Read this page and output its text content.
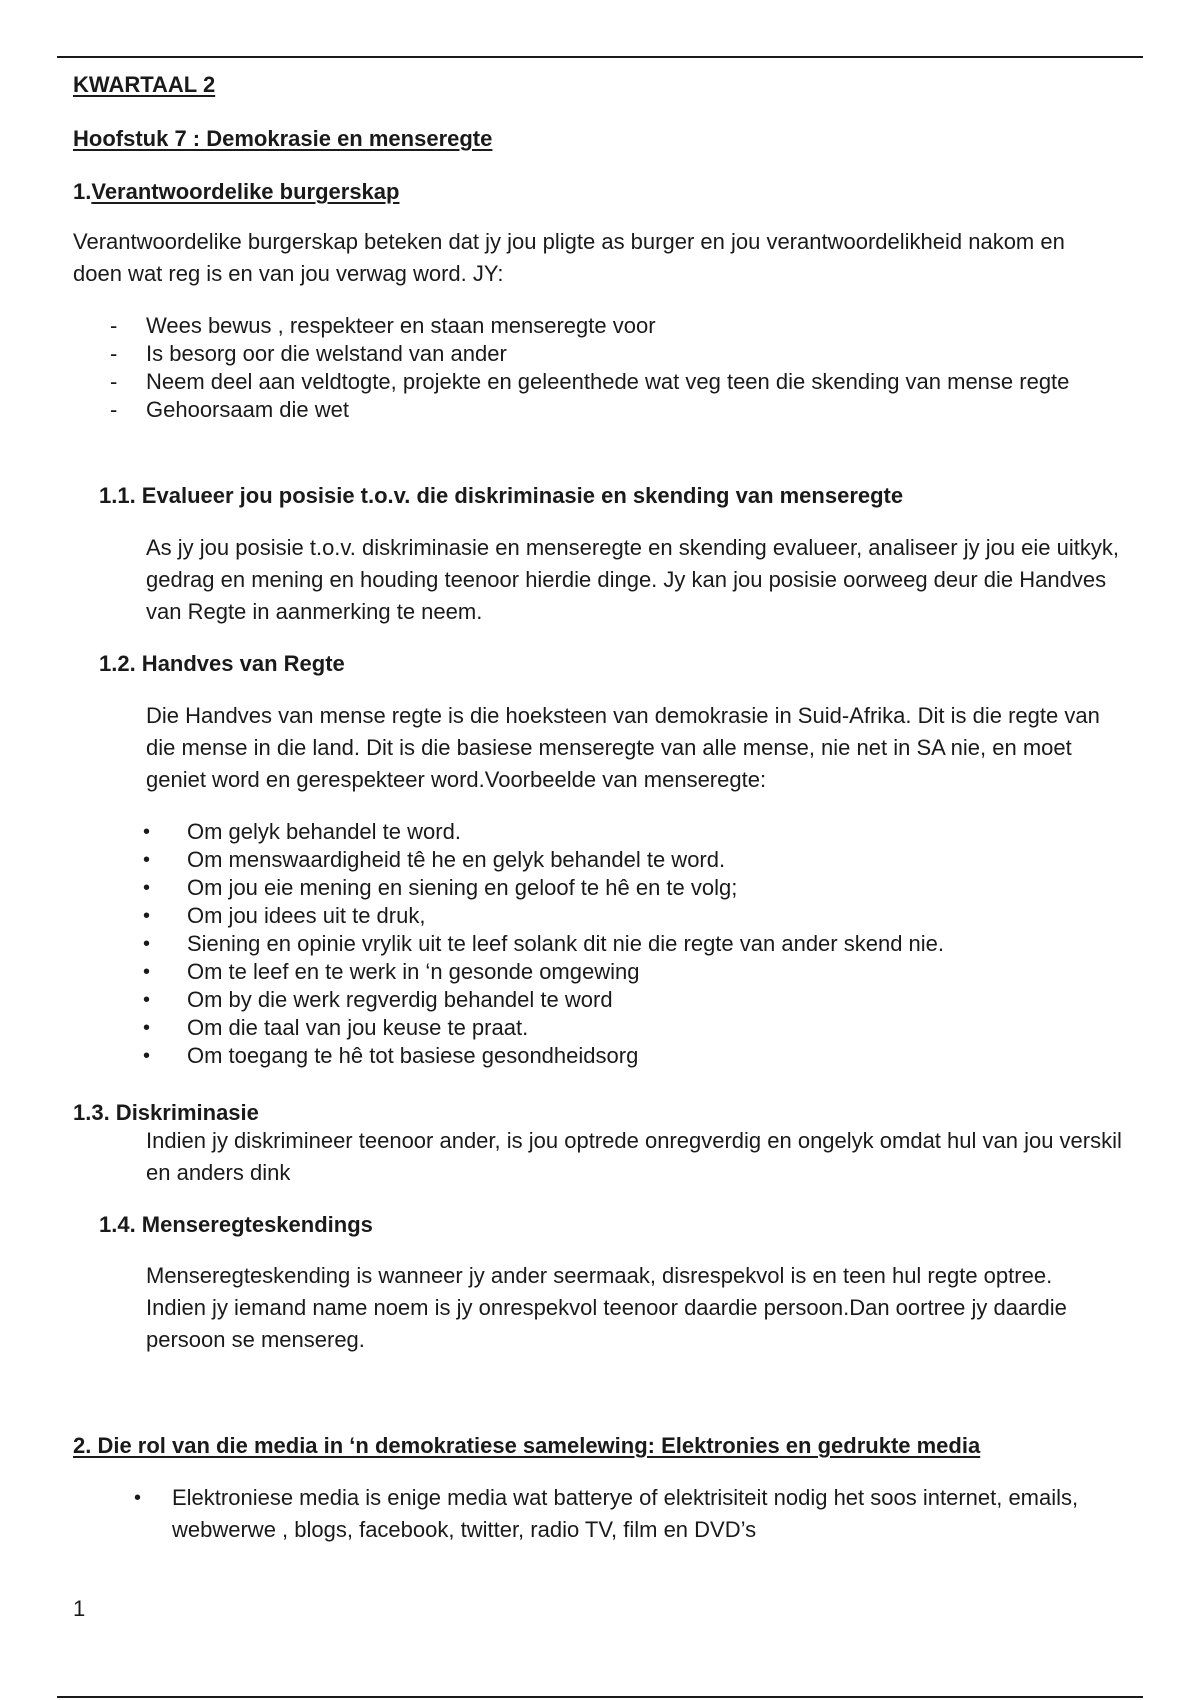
KWARTAAL 2
Hoofstuk 7 : Demokrasie en menseregte
1.Verantwoordelike burgerskap

Verantwoordelike burgerskap beteken dat jy jou pligte as burger en jou verantwoordelikheid nakom en doen wat reg is en van jou verwag word. JY:

- Wees bewus , respekteer en staan menseregte voor
- Is besorg oor die welstand van ander
- Neem deel aan veldtogte, projekte en geleenthede wat veg teen die skending van mense regte
- Gehoorsaam die wet
1.1. Evalueer jou posisie t.o.v. die diskriminasie en skending van menseregte

As jy jou posisie t.o.v. diskriminasie en menseregte en skending evalueer, analiseer jy jou eie uitkyk, gedrag en mening en houding teenoor hierdie dinge. Jy kan jou posisie oorweeg deur die Handves van Regte in aanmerking te neem.

1.2. Handves van Regte

Die Handves van mense regte is die hoeksteen van demokrasie in Suid-Afrika. Dit is die regte van die mense in die land. Dit is die basiese menseregte van alle mense, nie net in SA nie, en moet geniet word en gerespekteer word.Voorbeelde van menseregte:

• Om gelyk behandel te word.
• Om menswaardigheid tê he en gelyk behandel te word.
• Om jou eie mening en siening en geloof te hê en te volg;
• Om jou idees uit te druk,
• Siening en opinie vrylik uit te leef solank dit nie die regte van ander skend nie.
• Om te leef en te werk in ‘n gesonde omgewing
• Om by die werk regverdig behandel te word
• Om die taal van jou keuse te praat.
• Om toegang te hê tot basiese gesondheidsorg
1.3. Diskriminasie

Indien jy diskrimineer teenoor ander, is jou optrede onregverdig en ongelyk omdat hul van jou verskil en anders dink

1.4. Menseregteskendings

Menseregteskending is wanneer jy ander seermaak, disrespekvol is en teen hul regte optree. Indien jy iemand name noem is jy onrespekvol teenoor daardie persoon.Dan oortree jy daardie persoon se mensereg.

2. Die rol van die media in ‘n demokratiese samelewing: Elektronies en gedrukte media
• Elektroniese media is enige media wat batterye of elektrisiteit nodig het soos internet, emails, webwerwe , blogs, facebook, twitter, radio TV, film en DVD’s
1
